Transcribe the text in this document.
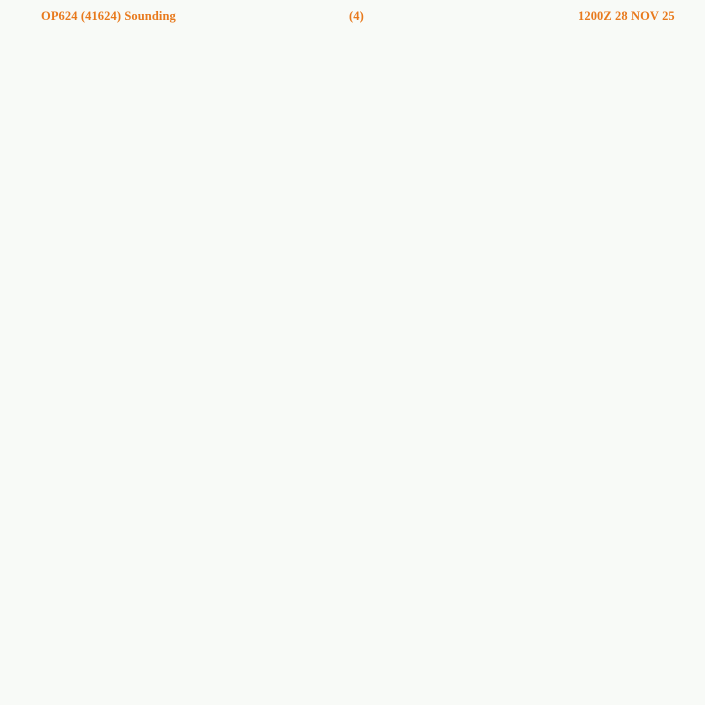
OP624 (41624) Sounding	(4)	1200Z 28 NOV 25
